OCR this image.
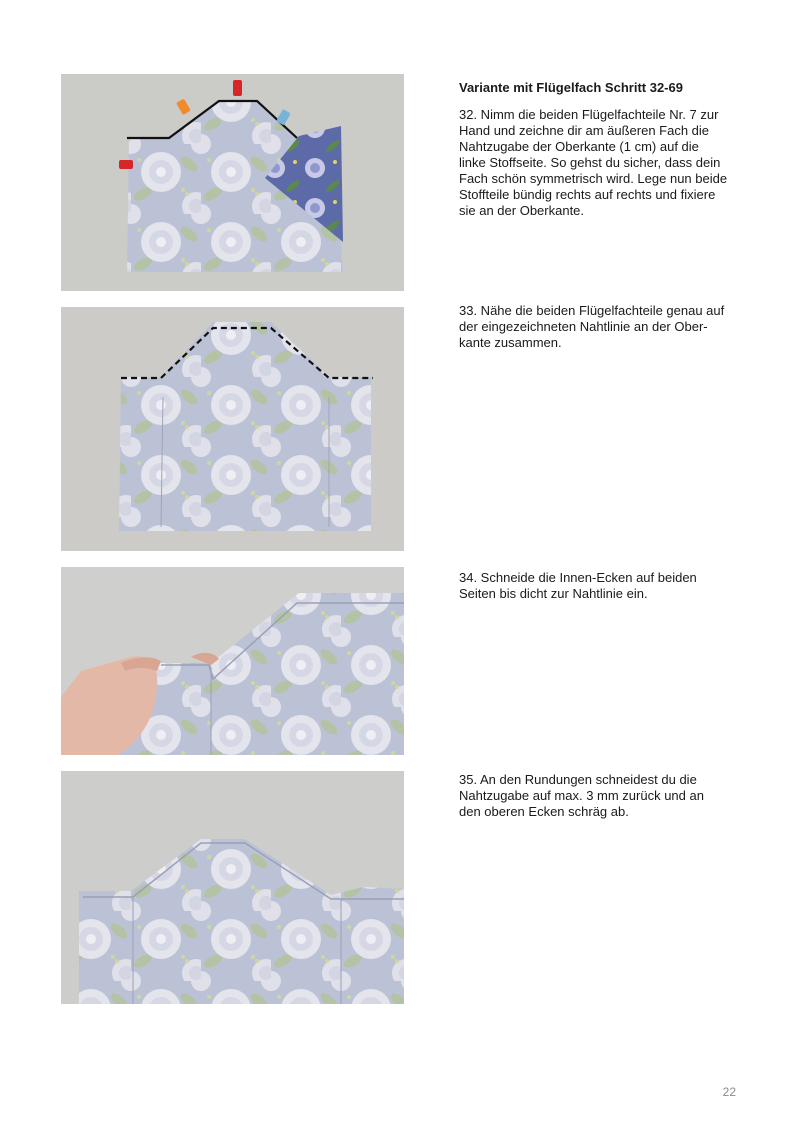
Variante mit Flügelfach Schritt 32-69

32. Nimm die beiden Flügelfachteile Nr. 7 zur
Hand und zeichne dir am äußeren Fach die
Nahtzugabe der Oberkante (1 cm) auf die
linke Stoffseite. So gehst du sicher, dass dein
Fach schön symmetrisch wird. Lege nun beide
Stoffteile bündig rechts auf rechts und fixiere
sie an der Oberkante.

33. Nähe die beiden Flügelfachteile genau auf
der eingezeichneten Nahtlinie an der Ober-
kante zusammen.

34. Schneide die Innen-Ecken auf beiden
Seiten bis dicht zur Nahtlinie ein.

35. An den Rundungen schneidest du die
Nahtzugabe auf max. 3 mm zurück und an
den oberen Ecken schräg ab.

22
